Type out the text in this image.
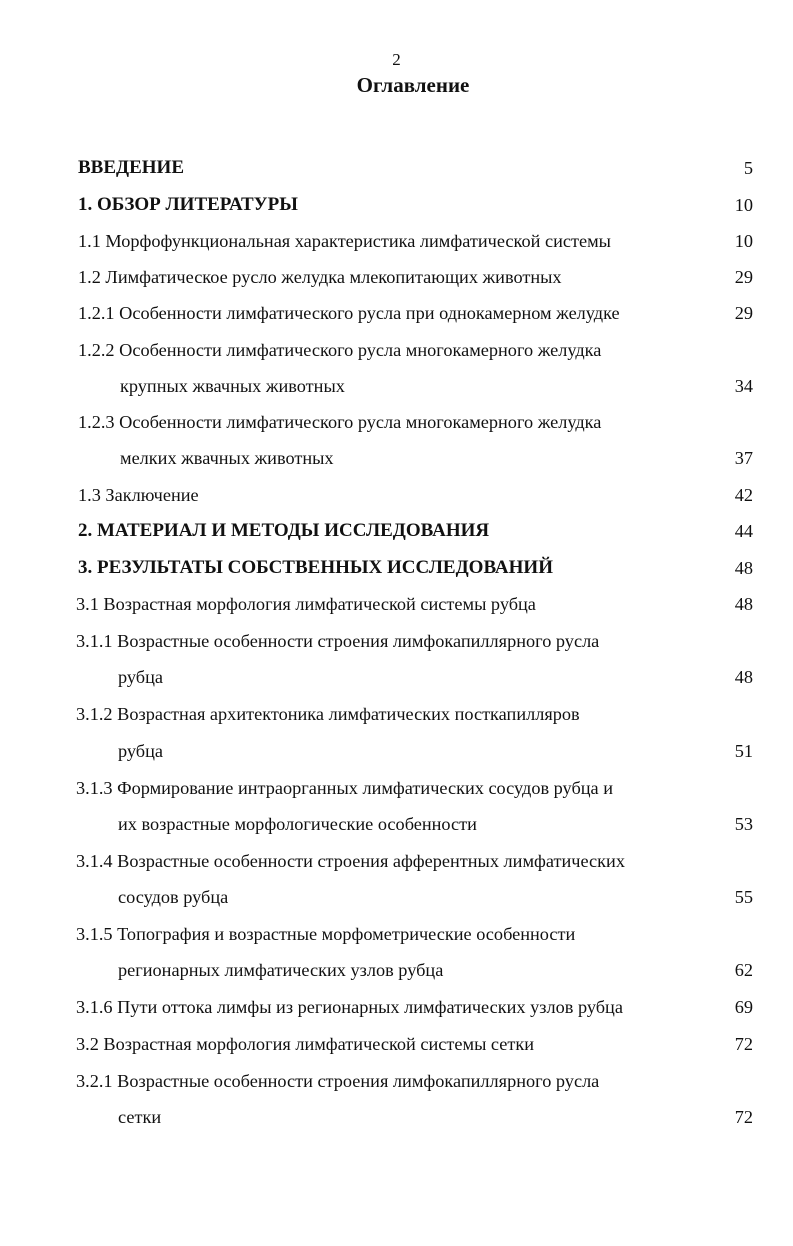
2
Оглавление
ВВЕДЕНИЕ	5
1. ОБЗОР ЛИТЕРАТУРЫ	10
1.1 Морфофункциональная характеристика лимфатической системы	10
1.2 Лимфатическое русло желудка млекопитающих животных	29
1.2.1 Особенности лимфатического русла при однокамерном желудке	29
1.2.2 Особенности лимфатического русла многокамерного желудка
крупных жвачных животных	34
1.2.3 Особенности лимфатического русла многокамерного желудка
мелких жвачных животных	37
1.3 Заключение	42
2. МАТЕРИАЛ И МЕТОДЫ ИССЛЕДОВАНИЯ	44
3. РЕЗУЛЬТАТЫ СОБСТВЕННЫХ ИССЛЕДОВАНИЙ	48
3.1 Возрастная морфология лимфатической системы рубца	48
3.1.1 Возрастные особенности строения лимфокапиллярного русла
рубца	48
3.1.2 Возрастная архитектоника лимфатических посткапилляров
рубца	51
3.1.3 Формирование интраорганных лимфатических сосудов рубца и
их возрастные морфологические особенности	53
3.1.4 Возрастные особенности строения афферентных лимфатических
сосудов рубца	55
3.1.5 Топография и возрастные морфометрические особенности
регионарных лимфатических узлов рубца	62
3.1.6 Пути оттока лимфы из регионарных лимфатических узлов рубца	69
3.2 Возрастная морфология лимфатической системы сетки	72
3.2.1 Возрастные особенности строения лимфокапиллярного русла
сетки	72
